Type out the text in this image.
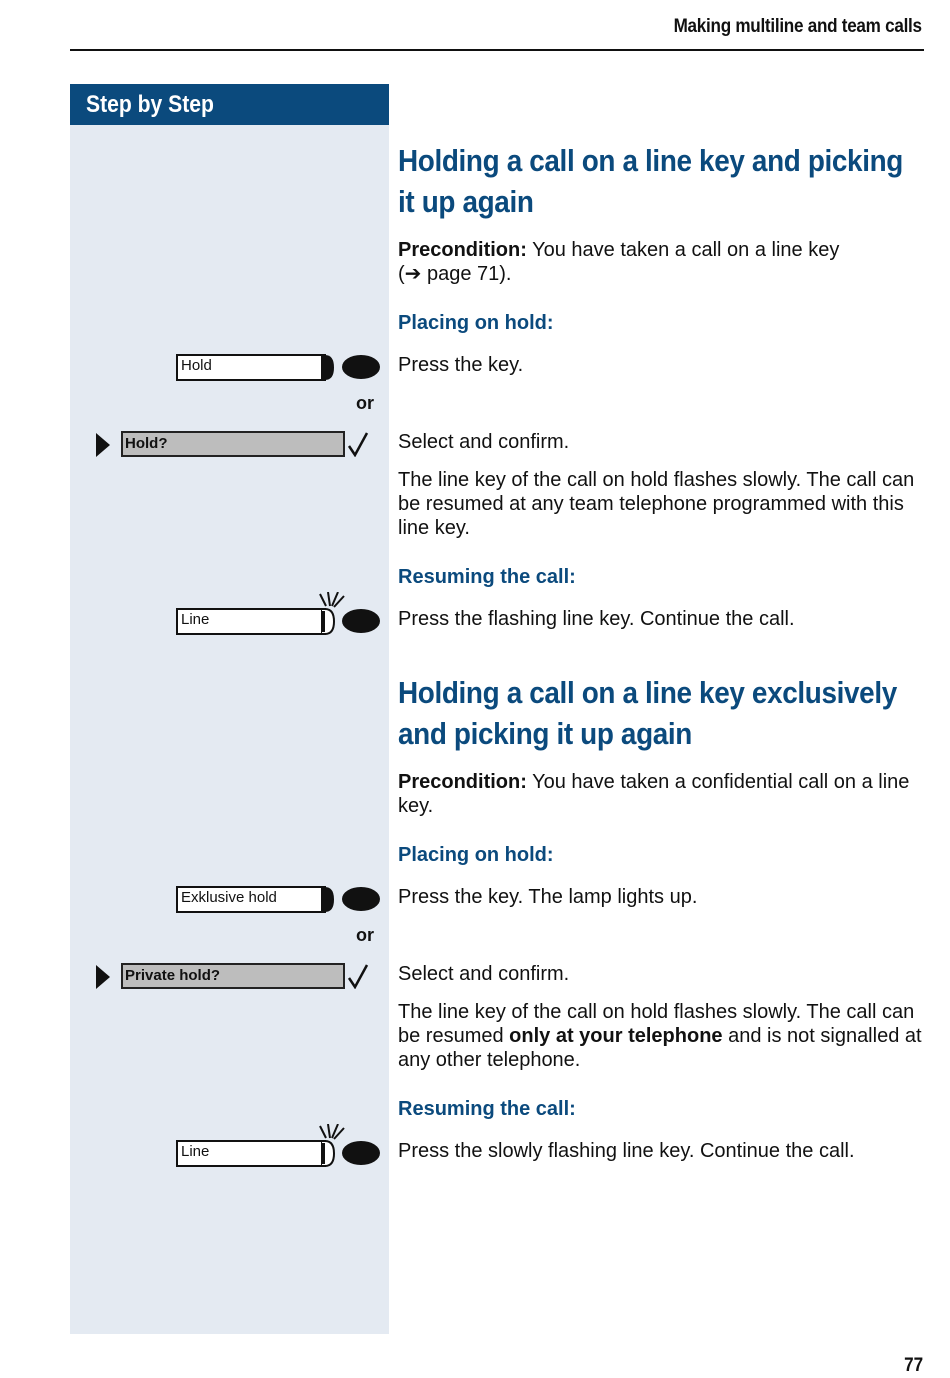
Making multiline and team calls
Step by Step
Holding a call on a line key and picking
it up again
Precondition: You have taken a call on a line key
(➔ page 71).
Placing on hold:
Hold	Press the key.
or
Hold?	Select and confirm.
The line key of the call on hold flashes slowly. The call can be resumed at any team telephone programmed with this line key.
Resuming the call:
Line	Press the flashing line key. Continue the call.
Holding a call on a line key exclusively
and picking it up again
Precondition: You have taken a confidential call on a line key.
Placing on hold:
Exklusive hold	Press the key. The lamp lights up.
or
Private hold?	Select and confirm.
The line key of the call on hold flashes slowly. The call can be resumed only at your telephone and is not signalled at any other telephone.
Resuming the call:
Line	Press the slowly flashing line key. Continue the call.
77
